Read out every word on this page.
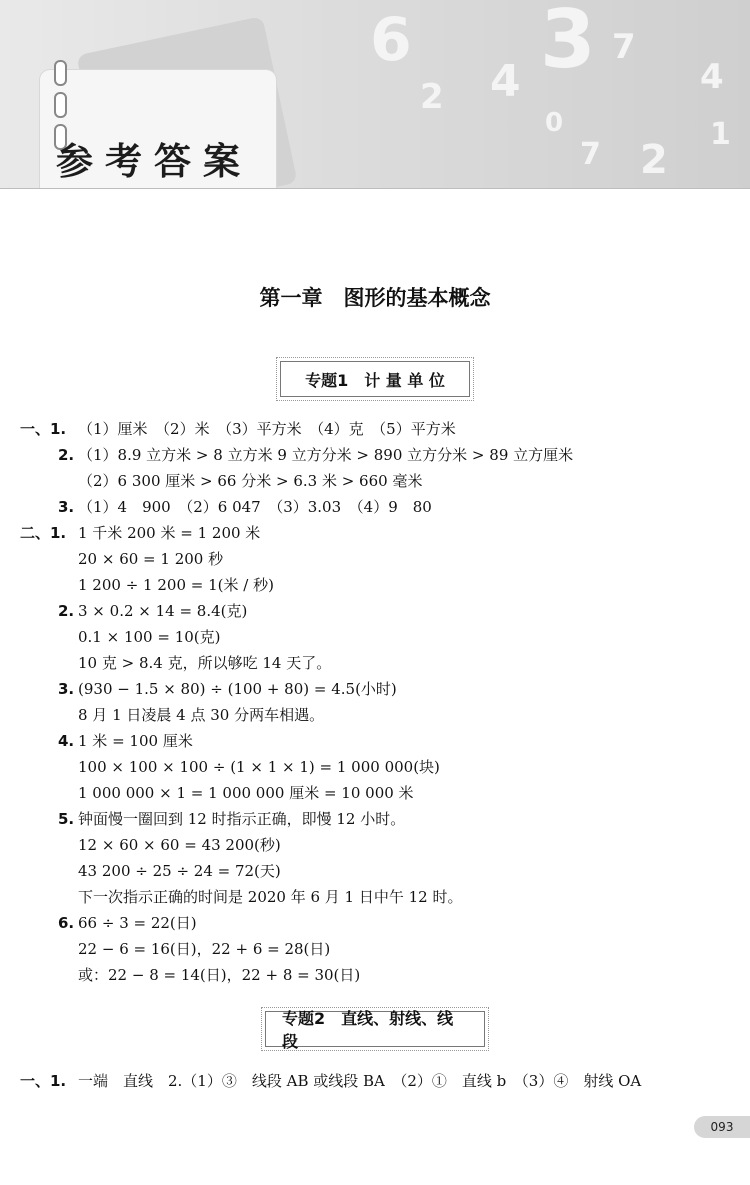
6 3 7
4
4
2
0
7 2
1
参考答案
第一章　图形的基本概念
专题1　计 量 单 位
一、1. （1）厘米　（2）米　（3）平方米　（4）克　（5）平方米
2. （1）8.9 立方米 > 8 立方米 9 立方分米 > 890 立方分米 > 89 立方厘米
（2）6 300 厘米 > 66 分米 > 6.3 米 > 660 毫米
3. （1）4　900　（2）6 047　（3）3.03　（4）9　80
二、1. 1 千米 200 米 = 1 200 米
20 × 60 = 1 200 秒
1 200 ÷ 1 200 = 1(米 / 秒)
2. 3 × 0.2 × 14 = 8.4(克)
0.1 × 100 = 10(克)
10 克 > 8.4 克，所以够吃 14 天了。
3. (930 − 1.5 × 80) ÷ (100 + 80) = 4.5(小时)
8 月 1 日凌晨 4 点 30 分两车相遇。
4. 1 米 = 100 厘米
100 × 100 × 100 ÷ (1 × 1 × 1) = 1 000 000(块)
1 000 000 × 1 = 1 000 000 厘米 = 10 000 米
5. 钟面慢一圈回到 12 时指示正确，即慢 12 小时。
12 × 60 × 60 = 43 200(秒)
43 200 ÷ 25 ÷ 24 = 72(天)
下一次指示正确的时间是 2020 年 6 月 1 日中午 12 时。
6. 66 ÷ 3 = 22(日)
22 − 6 = 16(日)，22 + 6 = 28(日)
或：22 − 8 = 14(日)，22 + 8 = 30(日)
专题2　直线、射线、线段
一、1. 一端　直线　2.（1）③　线段 AB 或线段 BA　（2）①　直线 b　（3）④　射线 OA
093
